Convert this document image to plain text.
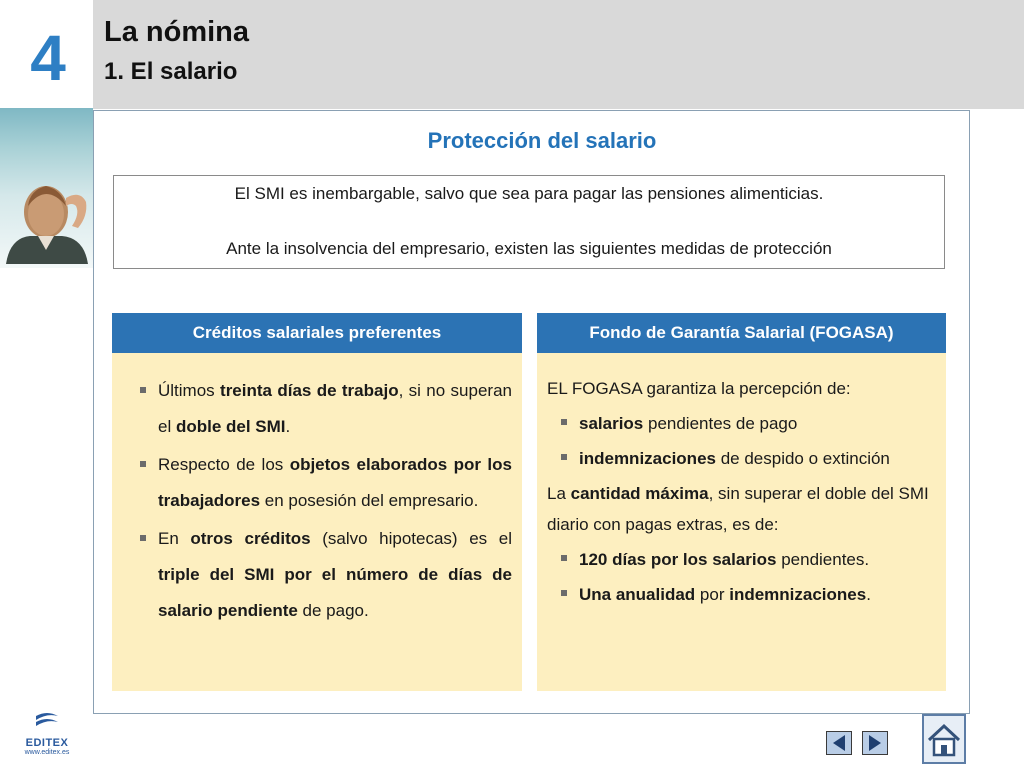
4	La nómina
1. El salario
Protección del salario

El SMI es inembargable, salvo que sea para pagar las pensiones alimenticias.

Ante la insolvencia del empresario, existen las siguientes medidas de protección

Créditos salariales preferentes
Últimos treinta días de trabajo, si no superan el doble del SMI.
Respecto de los objetos elaborados por los trabajadores en posesión del empresario.
En otros créditos (salvo hipotecas) es el triple del SMI por el número de días de salario pendiente de pago.
Fondo de Garantía Salarial (FOGASA)

EL FOGASA garantiza la percepción de:

salarios pendientes de pago
indemnizaciones de despido o extinción

La cantidad máxima, sin superar el doble del SMI diario con pagas extras, es de:

120 días por los salarios pendientes.
Una anualidad por indemnizaciones.
EDITEX
www.editex.es
